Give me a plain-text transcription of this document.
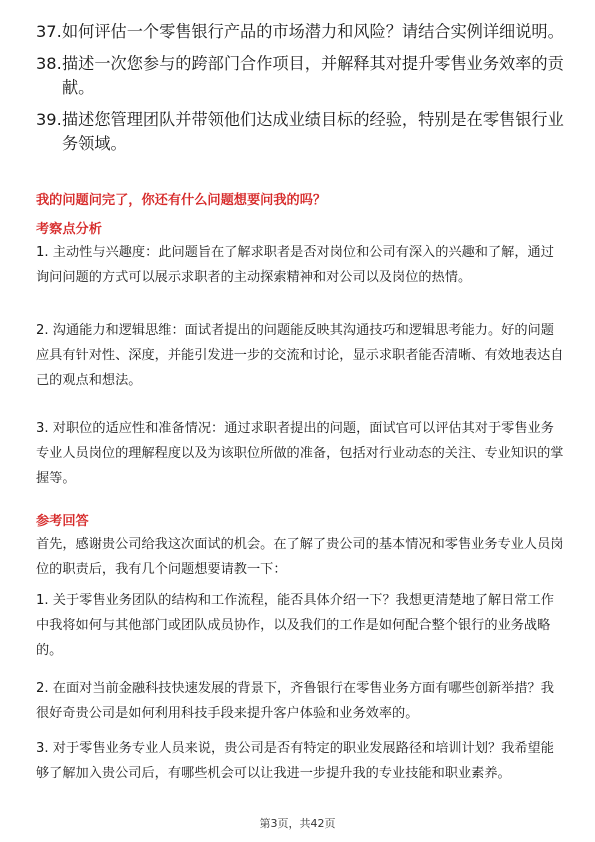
37. 如何评估一个零售银行产品的市场潜力和风险？请结合实例详细说明。
38. 描述一次您参与的跨部门合作项目，并解释其对提升零售业务效率的贡献。
39. 描述您管理团队并带领他们达成业绩目标的经验，特别是在零售银行业务领域。
我的问题问完了，你还有什么问题想要问我的吗？
考察点分析
1. 主动性与兴趣度：此问题旨在了解求职者是否对岗位和公司有深入的兴趣和了解，通过询问问题的方式可以展示求职者的主动探索精神和对公司以及岗位的热情。
2. 沟通能力和逻辑思维：面试者提出的问题能反映其沟通技巧和逻辑思考能力。好的问题应具有针对性、深度，并能引发进一步的交流和讨论，显示求职者能否清晰、有效地表达自己的观点和想法。
3. 对职位的适应性和准备情况：通过求职者提出的问题，面试官可以评估其对于零售业务专业人员岗位的理解程度以及为该职位所做的准备，包括对行业动态的关注、专业知识的掌握等。
参考回答
首先，感谢贵公司给我这次面试的机会。在了解了贵公司的基本情况和零售业务专业人员岗位的职责后，我有几个问题想要请教一下：
1. 关于零售业务团队的结构和工作流程，能否具体介绍一下？我想更清楚地了解日常工作中我将如何与其他部门或团队成员协作，以及我们的工作是如何配合整个银行的业务战略的。
2. 在面对当前金融科技快速发展的背景下，齐鲁银行在零售业务方面有哪些创新举措？我很好奇贵公司是如何利用科技手段来提升客户体验和业务效率的。
3. 对于零售业务专业人员来说，贵公司是否有特定的职业发展路径和培训计划？我希望能够了解加入贵公司后，有哪些机会可以让我进一步提升我的专业技能和职业素养。
第3页，共42页
